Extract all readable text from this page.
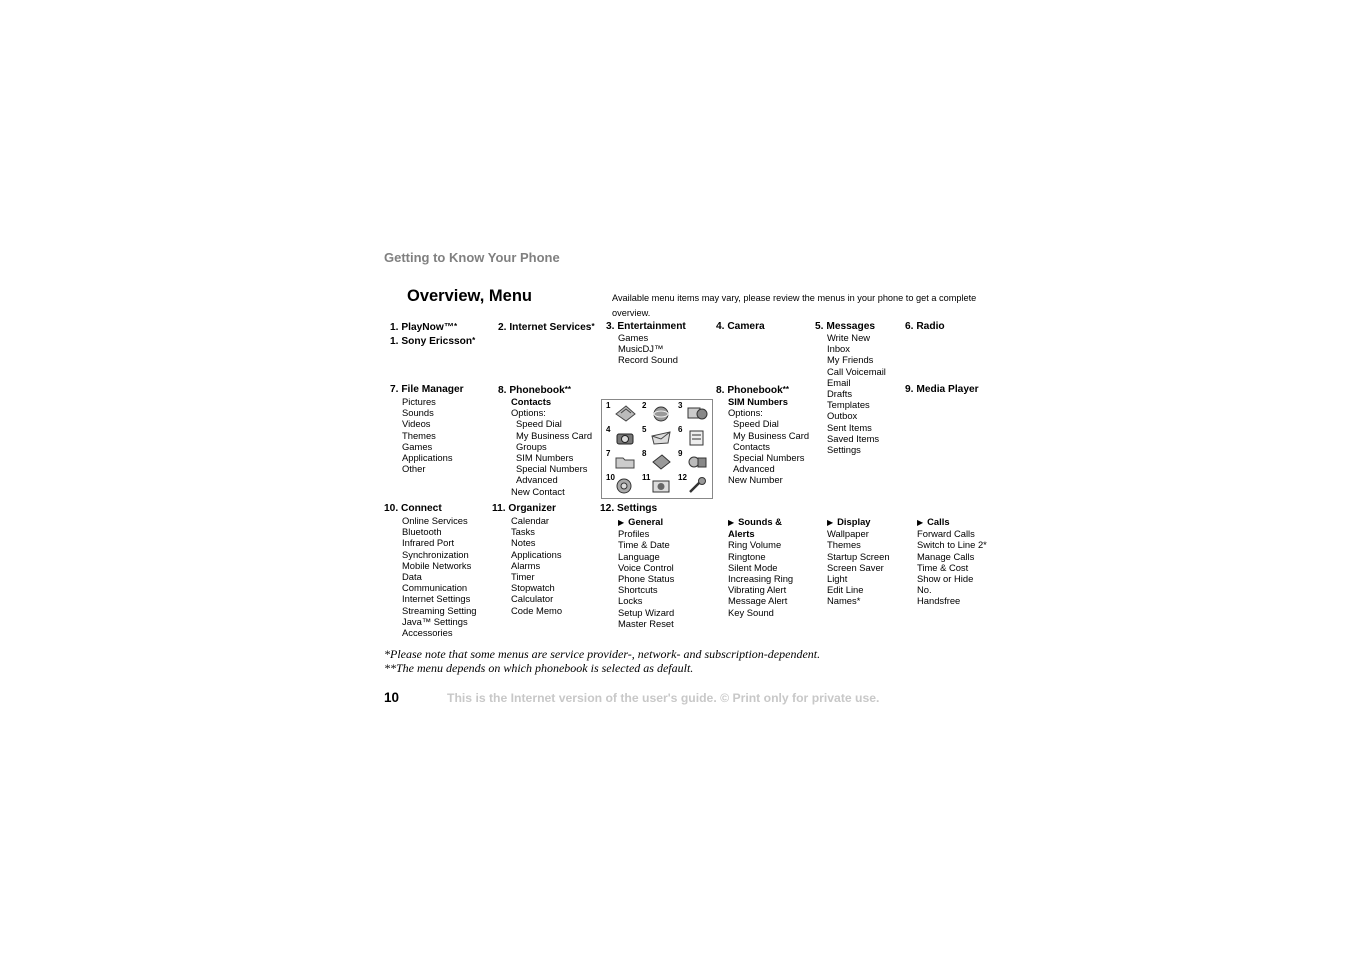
Getting to Know Your Phone
Overview, Menu	Available menu items may vary, please review the menus in your phone to get a complete overview.
1. PlayNow™*
1. Sony Ericsson*
2. Internet Services* 3. Entertainment
Games
MusicDJ™
Record Sound
4. Camera	5. Messages
Write New
Inbox
My Friends
Call Voicemail
Email
Drafts
Templates
Outbox
Sent Items
Saved Items
Settings
6. Radio
7. File Manager
Pictures
Sounds
Videos
Themes
Games
Applications
Other
8. Phonebook**
Contacts
Options:
Speed Dial
My Business Card
Groups
SIM Numbers
Special Numbers
Advanced
New Contact
8. Phonebook**
SIM Numbers
Options:
Speed Dial
My Business Card
Contacts
Special Numbers
Advanced
New Number
9. Media Player
10. Connect
Online Services
Bluetooth
Infrared Port
Synchronization
Mobile Networks
Data
Communication
Internet Settings
Streaming Setting
Java™ Settings
Accessories
11. Organizer
Calendar
Tasks
Notes
Applications
Alarms
Timer
Stopwatch
Calculator
Code Memo
12. Settings
▶ General
Profiles
Time & Date
Language
Voice Control
Phone Status
Shortcuts
Locks
Setup Wizard
Master Reset
▶ Sounds &
Alerts
Ring Volume
Ringtone
Silent Mode
Increasing Ring
Vibrating Alert
Message Alert
Key Sound
▶ Display
Wallpaper
Themes
Startup Screen
Screen Saver
Light
Edit Line
Names*
▶ Calls
Forward Calls
Switch to Line 2*
Manage Calls
Time & Cost
Show or Hide
No.
Handsfree
1	2	3
4	5	6
7	8	9
10	11	12
*Please note that some menus are service provider-, network- and subscription-dependent.
**The menu depends on which phonebook is selected as default.
10	This is the Internet version of the user's guide. © Print only for private use.
